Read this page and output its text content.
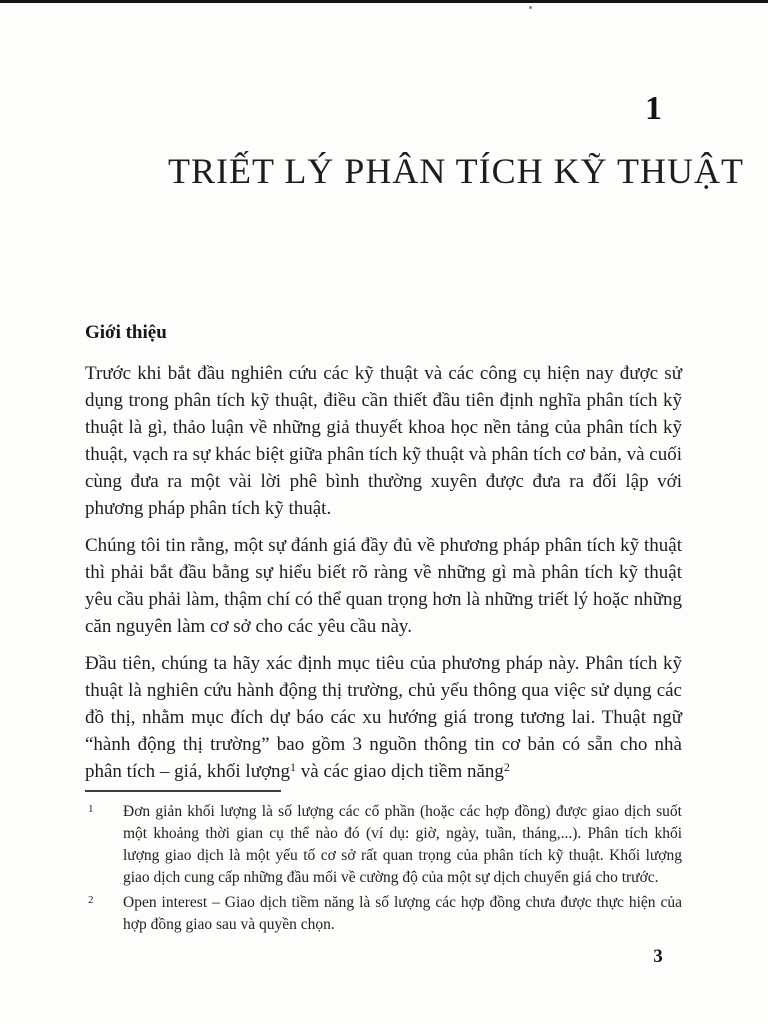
1
TRIẾT LÝ PHÂN TÍCH KỸ THUẬT
Giới thiệu

Trước khi bắt đầu nghiên cứu các kỹ thuật và các công cụ hiện nay được sử dụng trong phân tích kỹ thuật, điều cần thiết đầu tiên định nghĩa phân tích kỹ thuật là gì, thảo luận về những giả thuyết khoa học nền tảng của phân tích kỹ thuật, vạch ra sự khác biệt giữa phân tích kỹ thuật và phân tích cơ bản, và cuối cùng đưa ra một vài lời phê bình thường xuyên được đưa ra đối lập với phương pháp phân tích kỹ thuật.

Chúng tôi tin rằng, một sự đánh giá đầy đủ về phương pháp phân tích kỹ thuật thì phải bắt đầu bằng sự hiểu biết rõ ràng về những gì mà phân tích kỹ thuật yêu cầu phải làm, thậm chí có thể quan trọng hơn là những triết lý hoặc những căn nguyên làm cơ sở cho các yêu cầu này.

Đầu tiên, chúng ta hãy xác định mục tiêu của phương pháp này. Phân tích kỹ thuật là nghiên cứu hành động thị trường, chủ yếu thông qua việc sử dụng các đồ thị, nhằm mục đích dự báo các xu hướng giá trong tương lai. Thuật ngữ “hành động thị trường” bao gồm 3 nguồn thông tin cơ bản có sẵn cho nhà phân tích – giá, khối lượng$^1$ và các giao dịch tiềm năng$^2$

1 Đơn giản khối lượng là số lượng các cổ phần (hoặc các hợp đồng) được giao dịch suốt một khoảng thời gian cụ thể nào đó (ví dụ: giờ, ngày, tuần, tháng,...). Phân tích khối lượng giao dịch là một yếu tố cơ sở rất quan trọng của phân tích kỹ thuật. Khối lượng giao dịch cung cấp những đầu mối về cường độ của một sự dịch chuyển giá cho trước.
2 Open interest – Giao dịch tiềm năng là số lượng các hợp đồng chưa được thực hiện của hợp đồng giao sau và quyền chọn.
3
